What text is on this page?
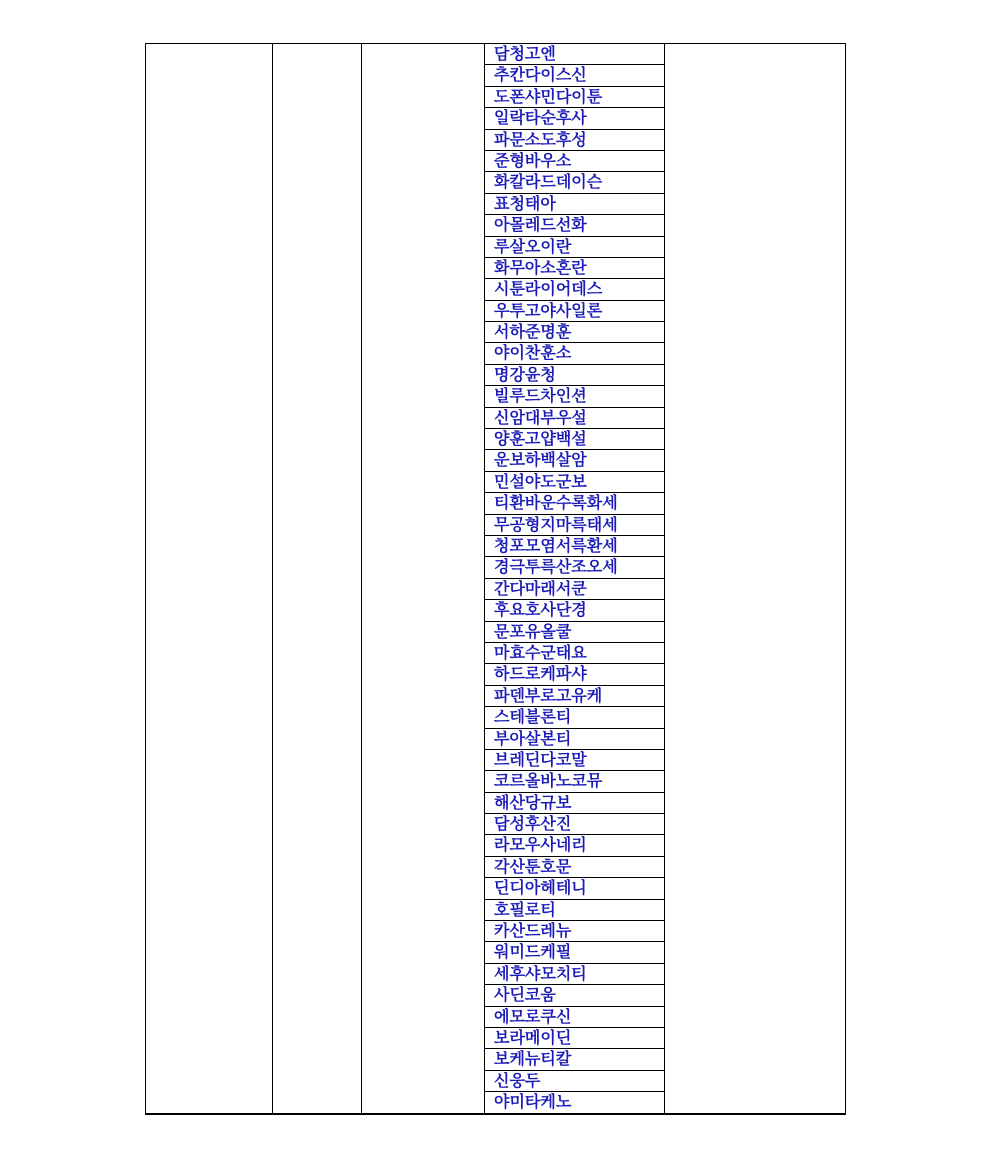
담청고엔
추칸다이스신
도폰샤민다이툰
일락타순후사
파문소도후성
준형바우소
화칼라드데이슨
표청태아
아몰레드선화
루살오이란
화무아소혼란
시툰라이어데스
우투고야사일론
서하준명훈
야이찬훈소
명강윤청
빌루드차인션
신암대부우설
양훈고얍백설
운보하백살암
민설야도군보
티환바운수록화세
무공형지마륵태세
청포모염서륵환세
경극투륵산조오세
간다마래서쿤
후요호사단경
문포유올쿨
마효수군태요
하드로케파샤
파덴부로고유케
스테블론티
부아살본티
브레딘다코말
코르올바노코뮤
해산당규보
담성후산진
라모우사네리
각산툰호문
딘디아헤테니
호필로티
카산드레뉴
워미드케필
세후샤모치티
사딘코움
에모로쿠신
보라메이딘
보케뉴티칼
신웅두
야미타케노
